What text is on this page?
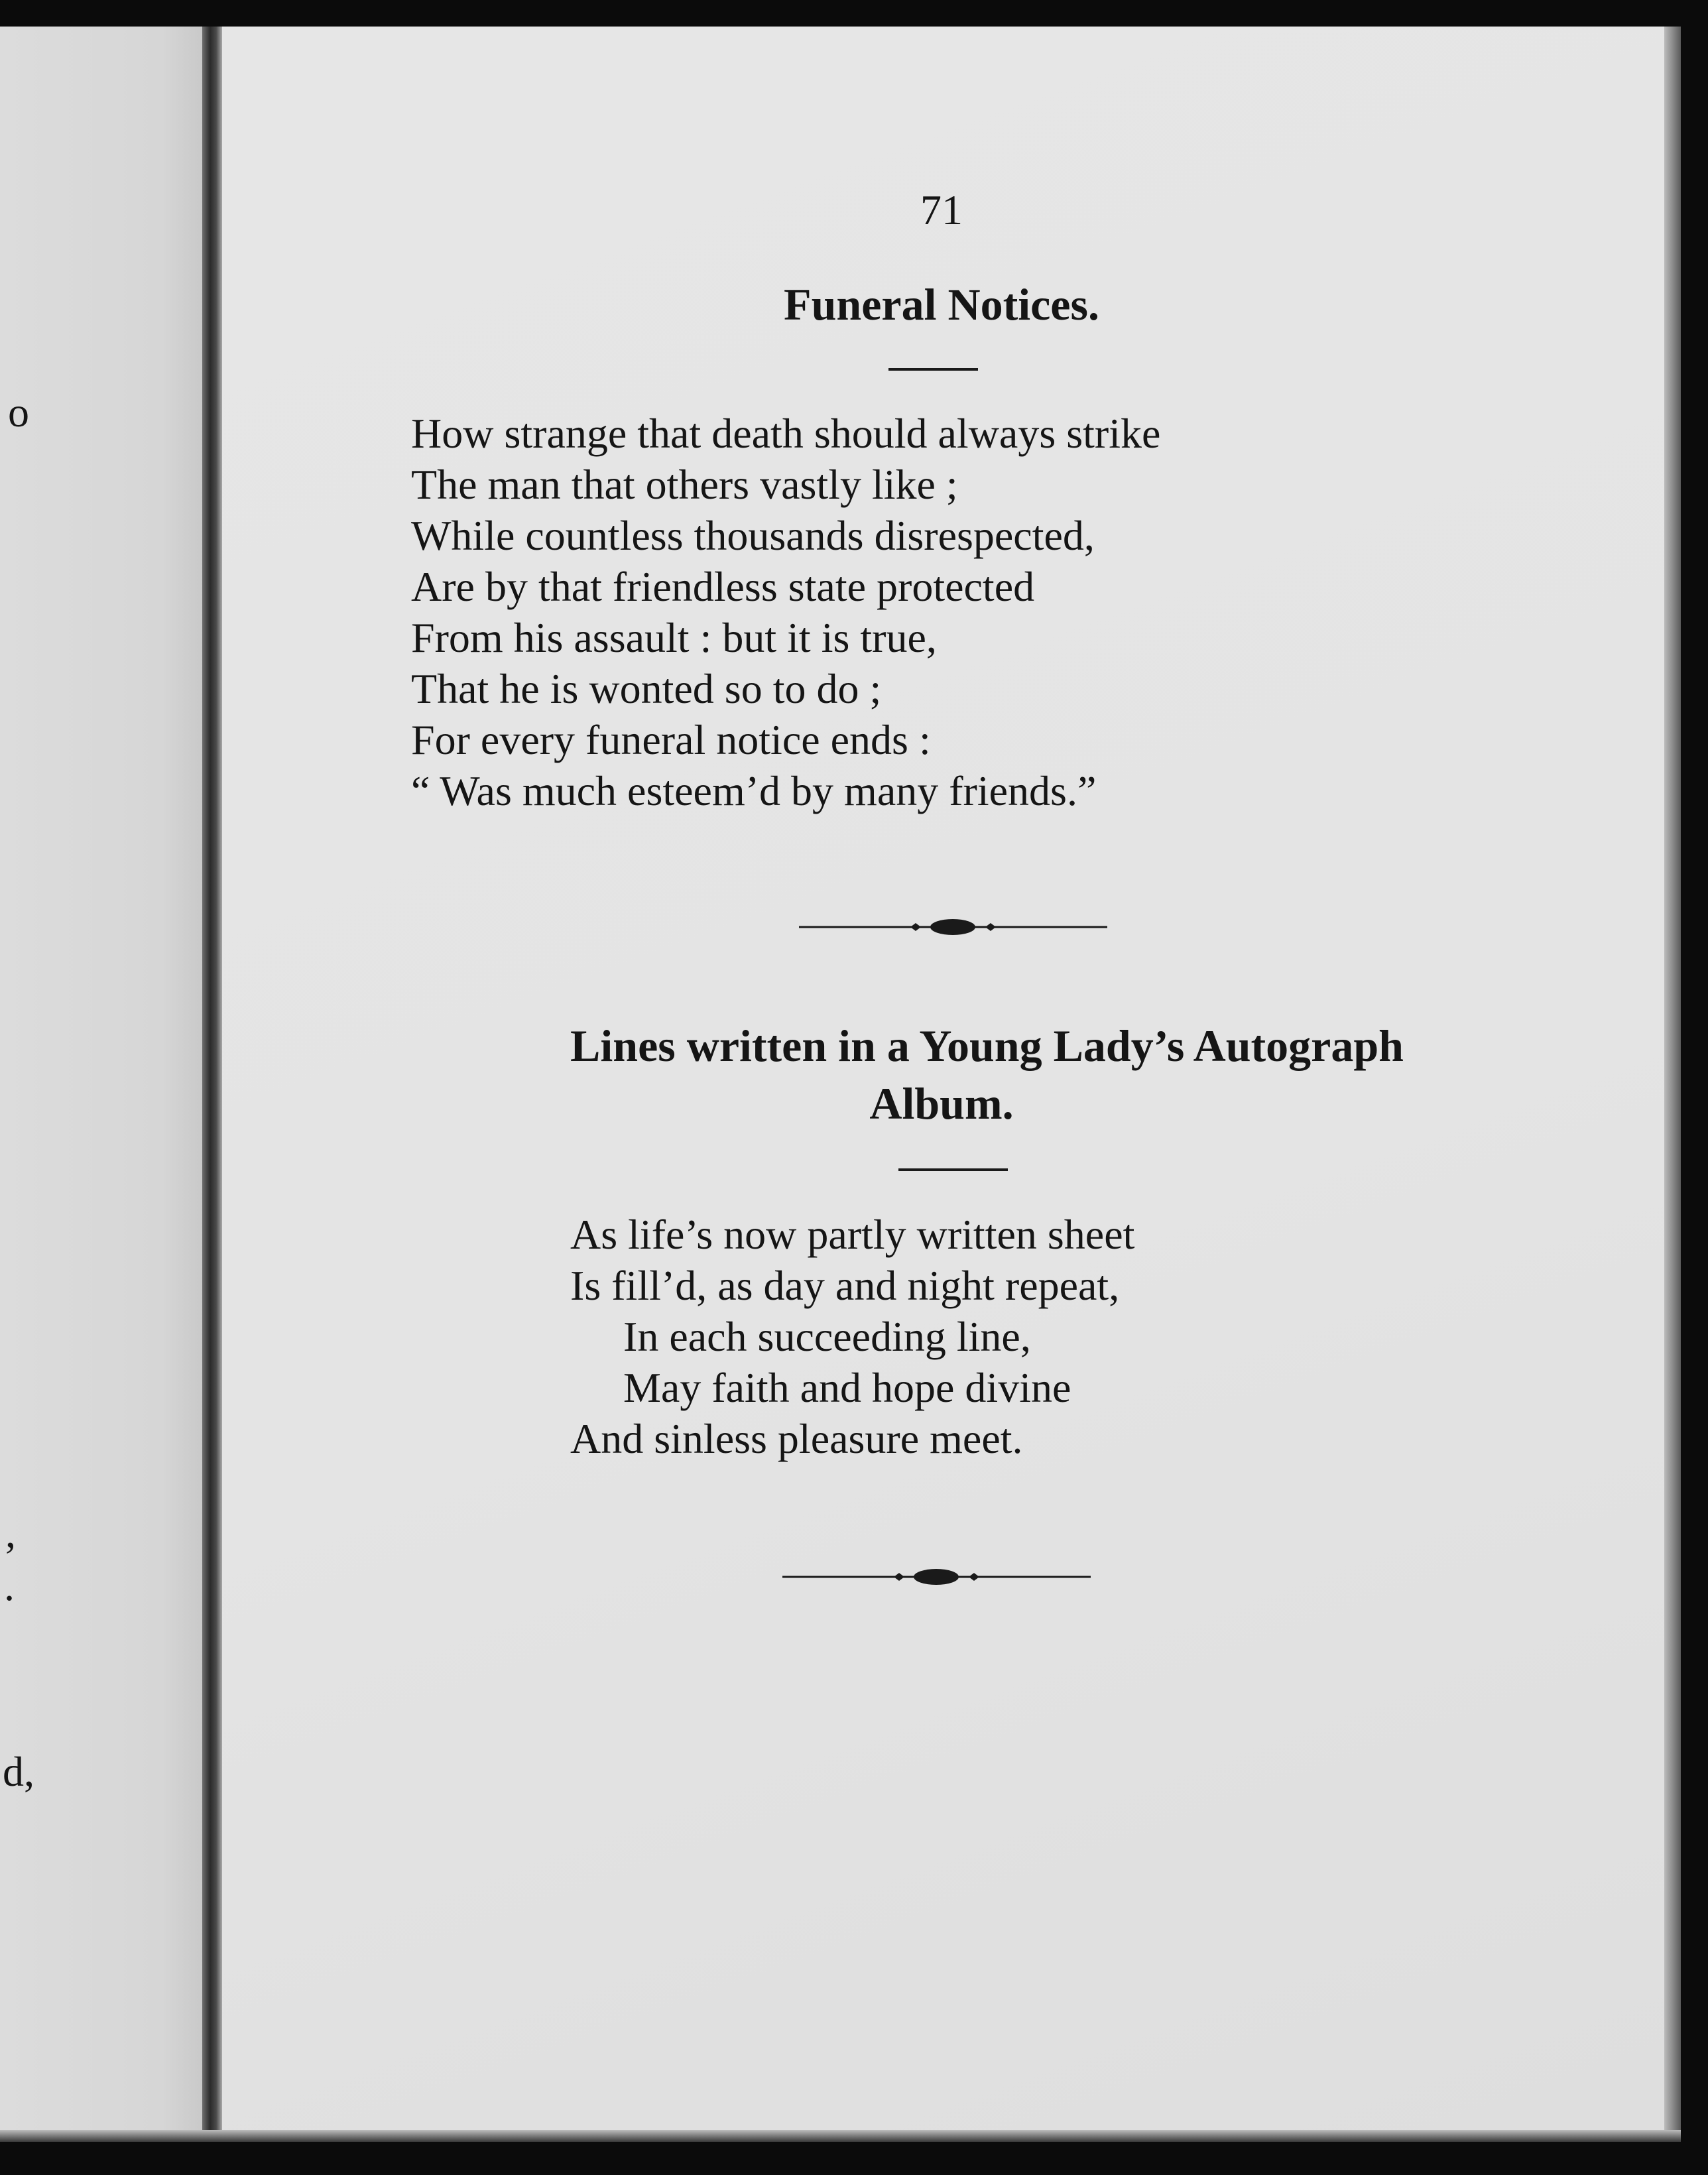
o
,
.
d,
71
Funeral Notices.
How strange that death should always strike
The man that others vastly like ;
While countless thousands disrespected,
Are by that friendless state protected
From his assault : but it is true,
That he is wonted so to do ;
For every funeral notice ends :
“ Was much esteem’d by many friends.”
Lines written in a Young Lady’s Autograph
Album.
As life’s now partly written sheet
Is fill’d, as day and night repeat,
In each succeeding line,
May faith and hope divine
And sinless pleasure meet.
